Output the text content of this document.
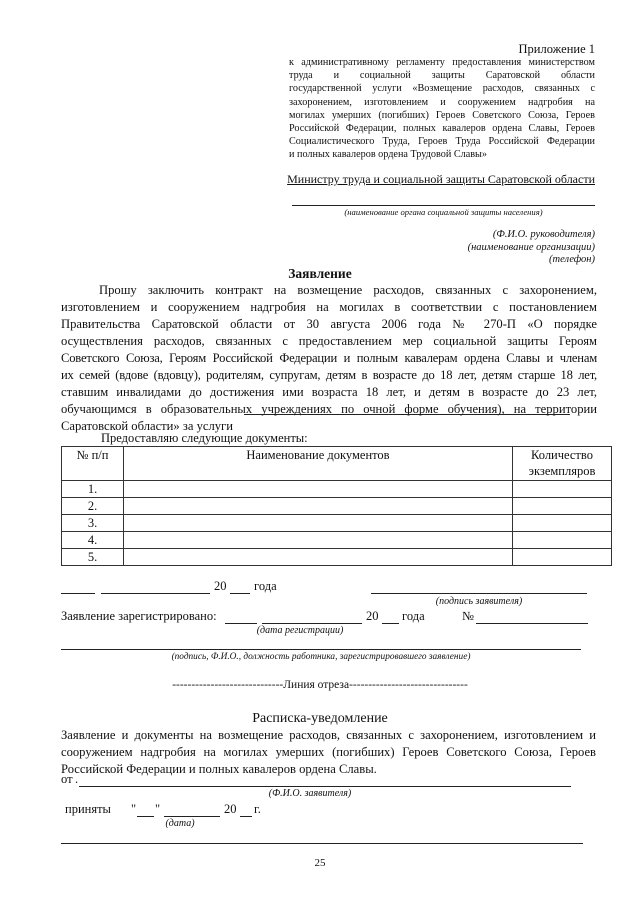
Приложение 1
к административному регламенту предоставления министерством
труда и социальной защиты Саратовской области
государственной услуги «Возмещение расходов, связанных с
захоронением, изготовлением и сооружением надгробия на
могилах умерших (погибших) Героев Советского Союза, Героев
Российской Федерации, полных кавалеров ордена Славы, Героев
Социалистического Труда, Героев Труда Российской Федерации
и полных кавалеров ордена Трудовой Славы»
Министру труда и социальной защиты Саратовской области
(наименование органа социальной защиты населения)
(Ф.И.О. руководителя)
(наименование организации)
(телефон)
Заявление
Прошу заключить контракт на возмещение расходов, связанных с захоронением,
изготовлением и сооружением надгробия на могилах в соответствии с постановлением
Правительства Саратовской области от 30 августа 2006 года № 270-П «О порядке
осуществления расходов, связанных с предоставлением мер социальной защиты Героям
Советского Союза, Героям Российской Федерации и полным кавалерам ордена Славы и членам
их семей (вдове (вдовцу), родителям, супругам, детям в возрасте до 18 лет, детям старше 18 лет,
ставшим инвалидами до достижения ими возраста 18 лет, и детям в возрасте до 23 лет,
обучающимся в образовательных учреждениях по очной форме обучения), на территории
Саратовской области» за услуги
Предоставляю следующие документы:
№ п/п	Наименование документов	Количество экземпляров
1.		
2.		
3.		
4.		
5.		
20 года
(подпись заявителя)
Заявление зарегистрировано:	20 года	№
(дата регистрации)
(подпись, Ф.И.О., должность работника, зарегистрировавшего заявление)
-----------------------------Линия отреза-------------------------------
Расписка-уведомление
Заявление и документы на возмещение расходов, связанных с захоронением, изготовлением и
сооружением надгробия на могилах умерших (погибших) Героев Советского Союза, Героев
Российской Федерации и полных кавалеров ордена Славы.
от .
(Ф.И.О. заявителя)
приняты " "	20 г.
(дата)
25
